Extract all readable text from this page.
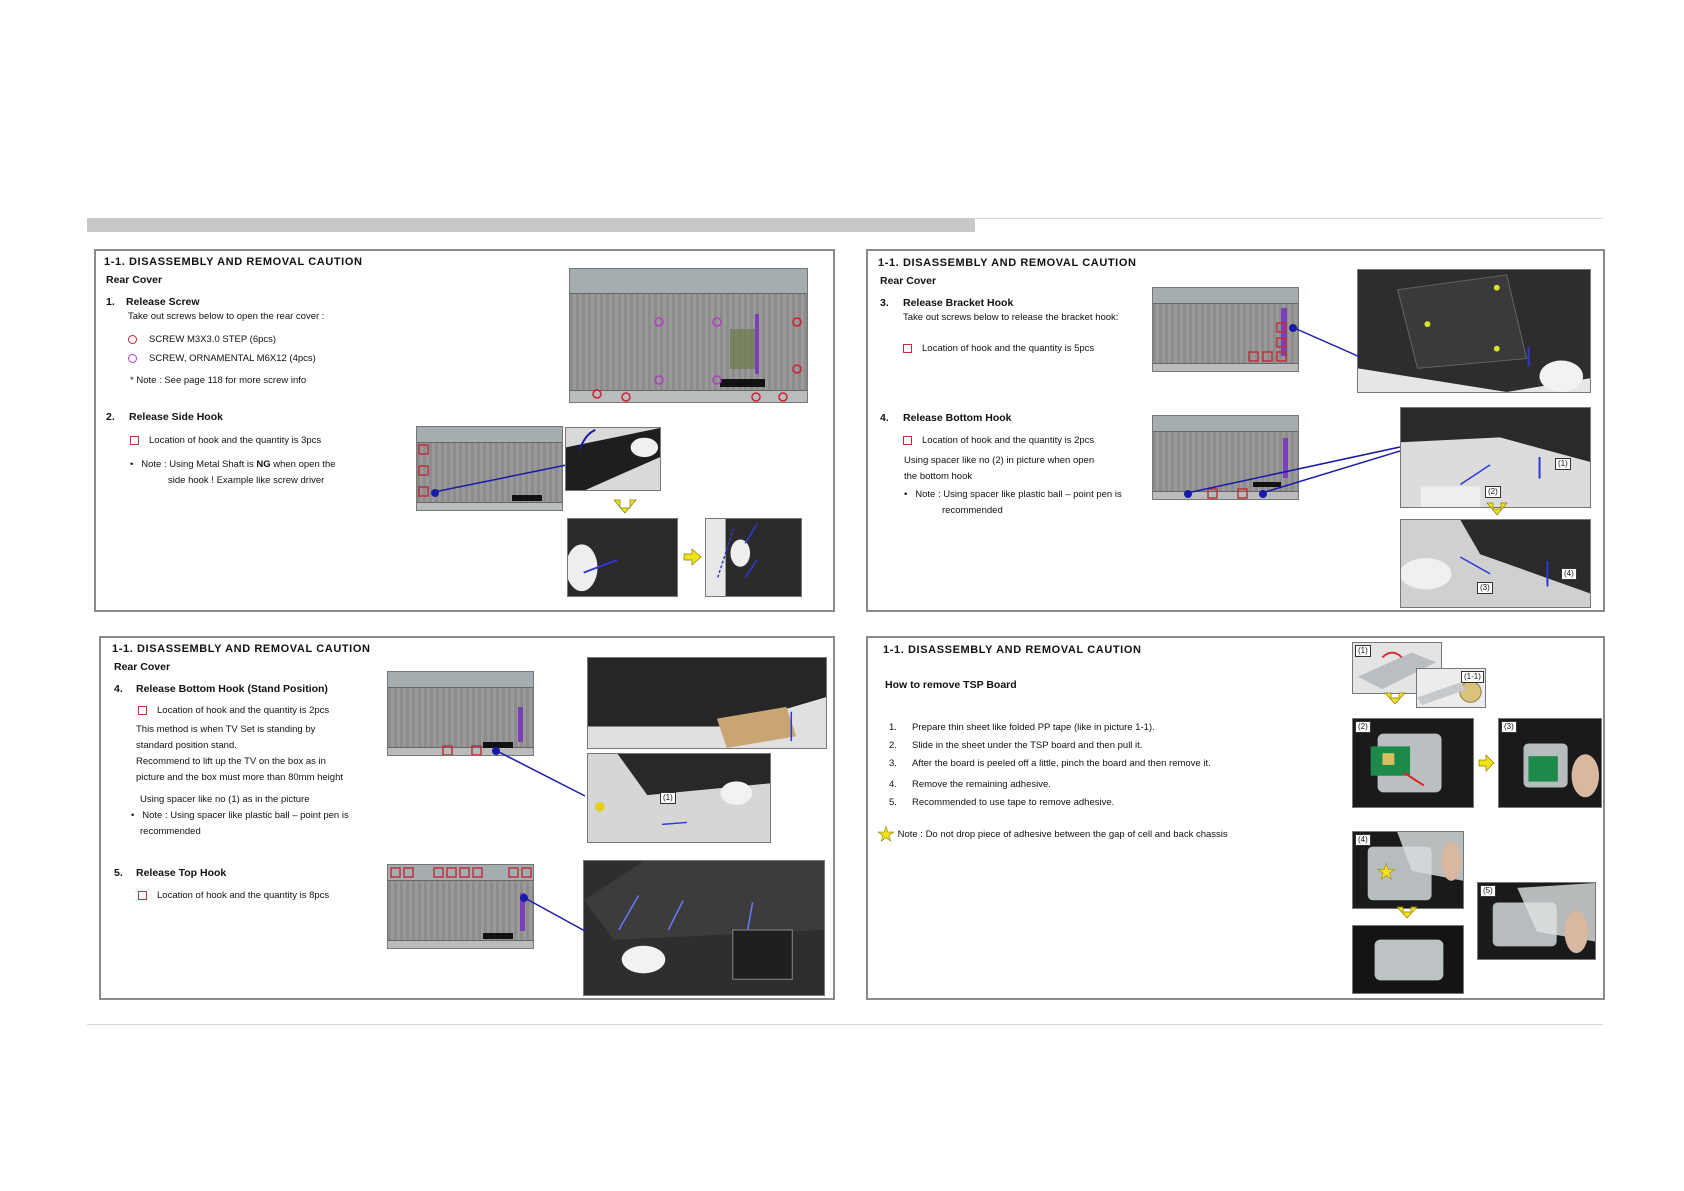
1-1. DISASSEMBLY AND REMOVAL CAUTION
Rear Cover
1. Release Screw
Take out screws below to open the rear cover :
SCREW M3X3.0 STEP (6pcs)
SCREW, ORNAMENTAL M6X12 (4pcs)
* Note : See page 118 for more screw info
2. Release Side Hook
Location of hook and the quantity is 3pcs
•   Note : Using Metal Shaft is NG when open the
side hook ! Example like screw driver
1-1. DISASSEMBLY AND REMOVAL CAUTION
Rear Cover
3. Release Bracket Hook
Take out screws below to release the bracket hook:
Location of hook and the quantity is 5pcs
4. Release Bottom Hook
Location of hook and the quantity is 2pcs
Using spacer like no (2) in picture when open
the bottom hook
•   Note : Using spacer like plastic ball – point pen is
recommended
(1)
(2)
(3)
(4)
1-1. DISASSEMBLY AND REMOVAL CAUTION
Rear Cover
4. Release Bottom Hook (Stand Position)
Location of hook and the quantity is 2pcs
This method is when TV Set is standing by
standard position stand.
Recommend to lift up the TV on the box as in
picture and the box must more than 80mm height
Using spacer like no (1) as in the picture
•   Note : Using spacer like plastic ball – point pen is
recommended
5. Release Top Hook
Location of hook and the quantity is 8pcs
(1)
1-1. DISASSEMBLY AND REMOVAL CAUTION
How to remove TSP Board
1. Prepare thin sheet like folded PP tape (like in picture 1-1).
2. Slide in the sheet under the TSP board and then pull it.
3. After the board is peeled off a little, pinch the board and then remove it.
4. Remove the remaining adhesive.
5. Recommended to use tape to remove adhesive.
★ Note : Do not drop piece of adhesive between the gap of cell and back chassis
(1)
(1-1)
(2)	(3)
★
(4)
(5)
